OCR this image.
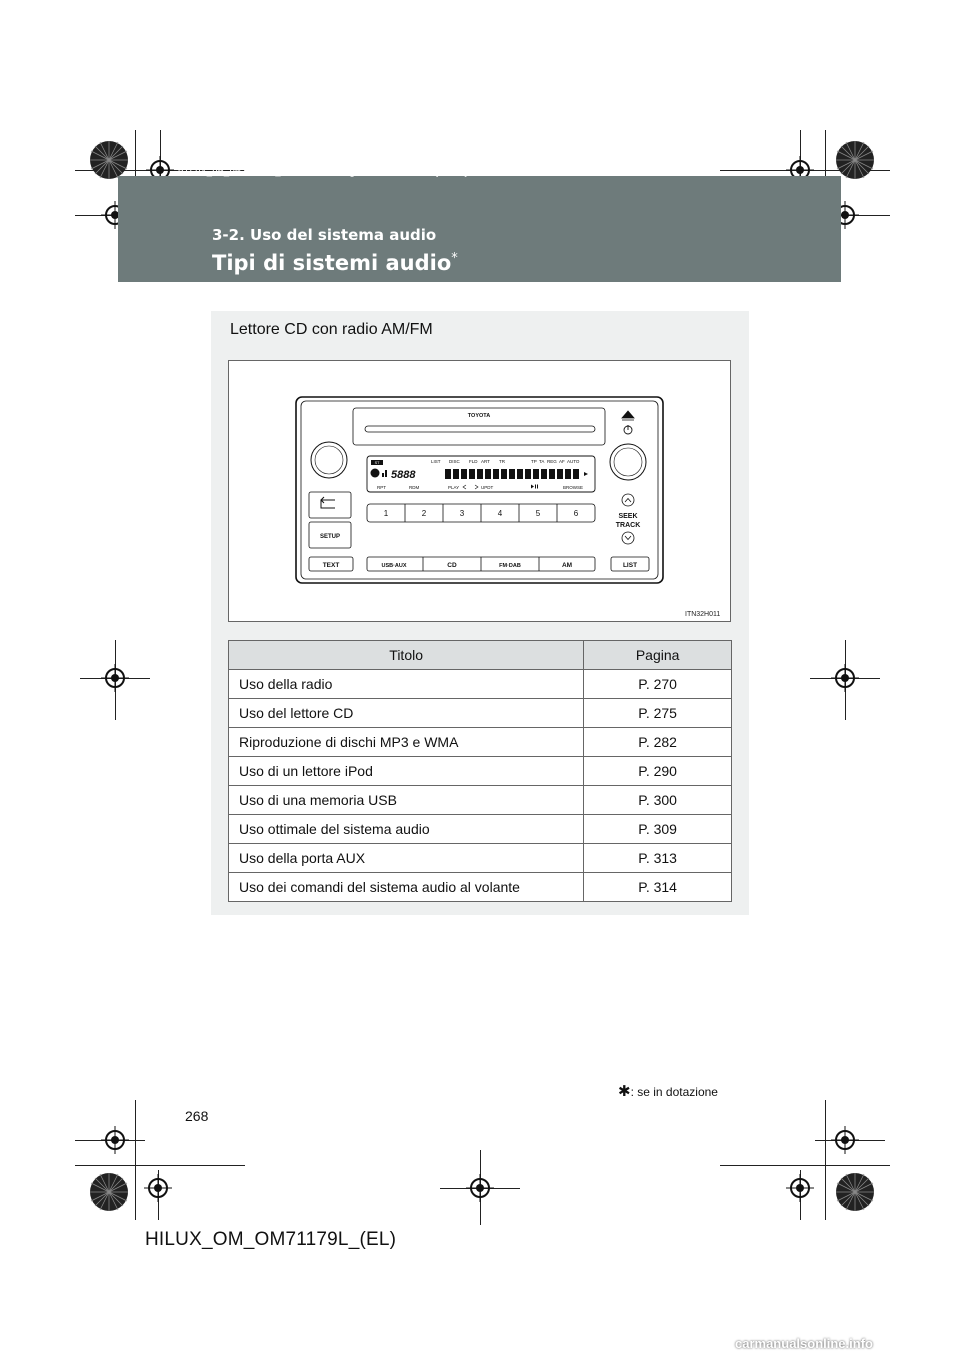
HILUX_OM_OM71179L_(EL).book Page 268 Wednesday, May 16, 2012 11:37 AM
3-2. Uso del sistema audio
Tipi di sistemi audio*
Lettore CD con radio AM/FM
TOYOTA
LIST DISC FLD ART TR	TP TA REG AF AUTO
ST
5888
RPT	RDM	PLAY	UPDT	BROWSE
SETUP
1	2	3	4	5	6	SEEK
TRACK
TEXT	USB·AUX	CD	FM·DAB	AM	LIST
ITN32H011
Titolo	Pagina
Uso della radio	P. 270
Uso del lettore CD	P. 275
Riproduzione di dischi MP3 e WMA	P. 282
Uso di un lettore iPod	P. 290
Uso di una memoria USB	P. 300
Uso ottimale del sistema audio	P. 309
Uso della porta AUX	P. 313
Uso dei comandi del sistema audio al volante	P. 314
✱: se in dotazione
268
HILUX_OM_OM71179L_(EL)
carmanualsonline.info
